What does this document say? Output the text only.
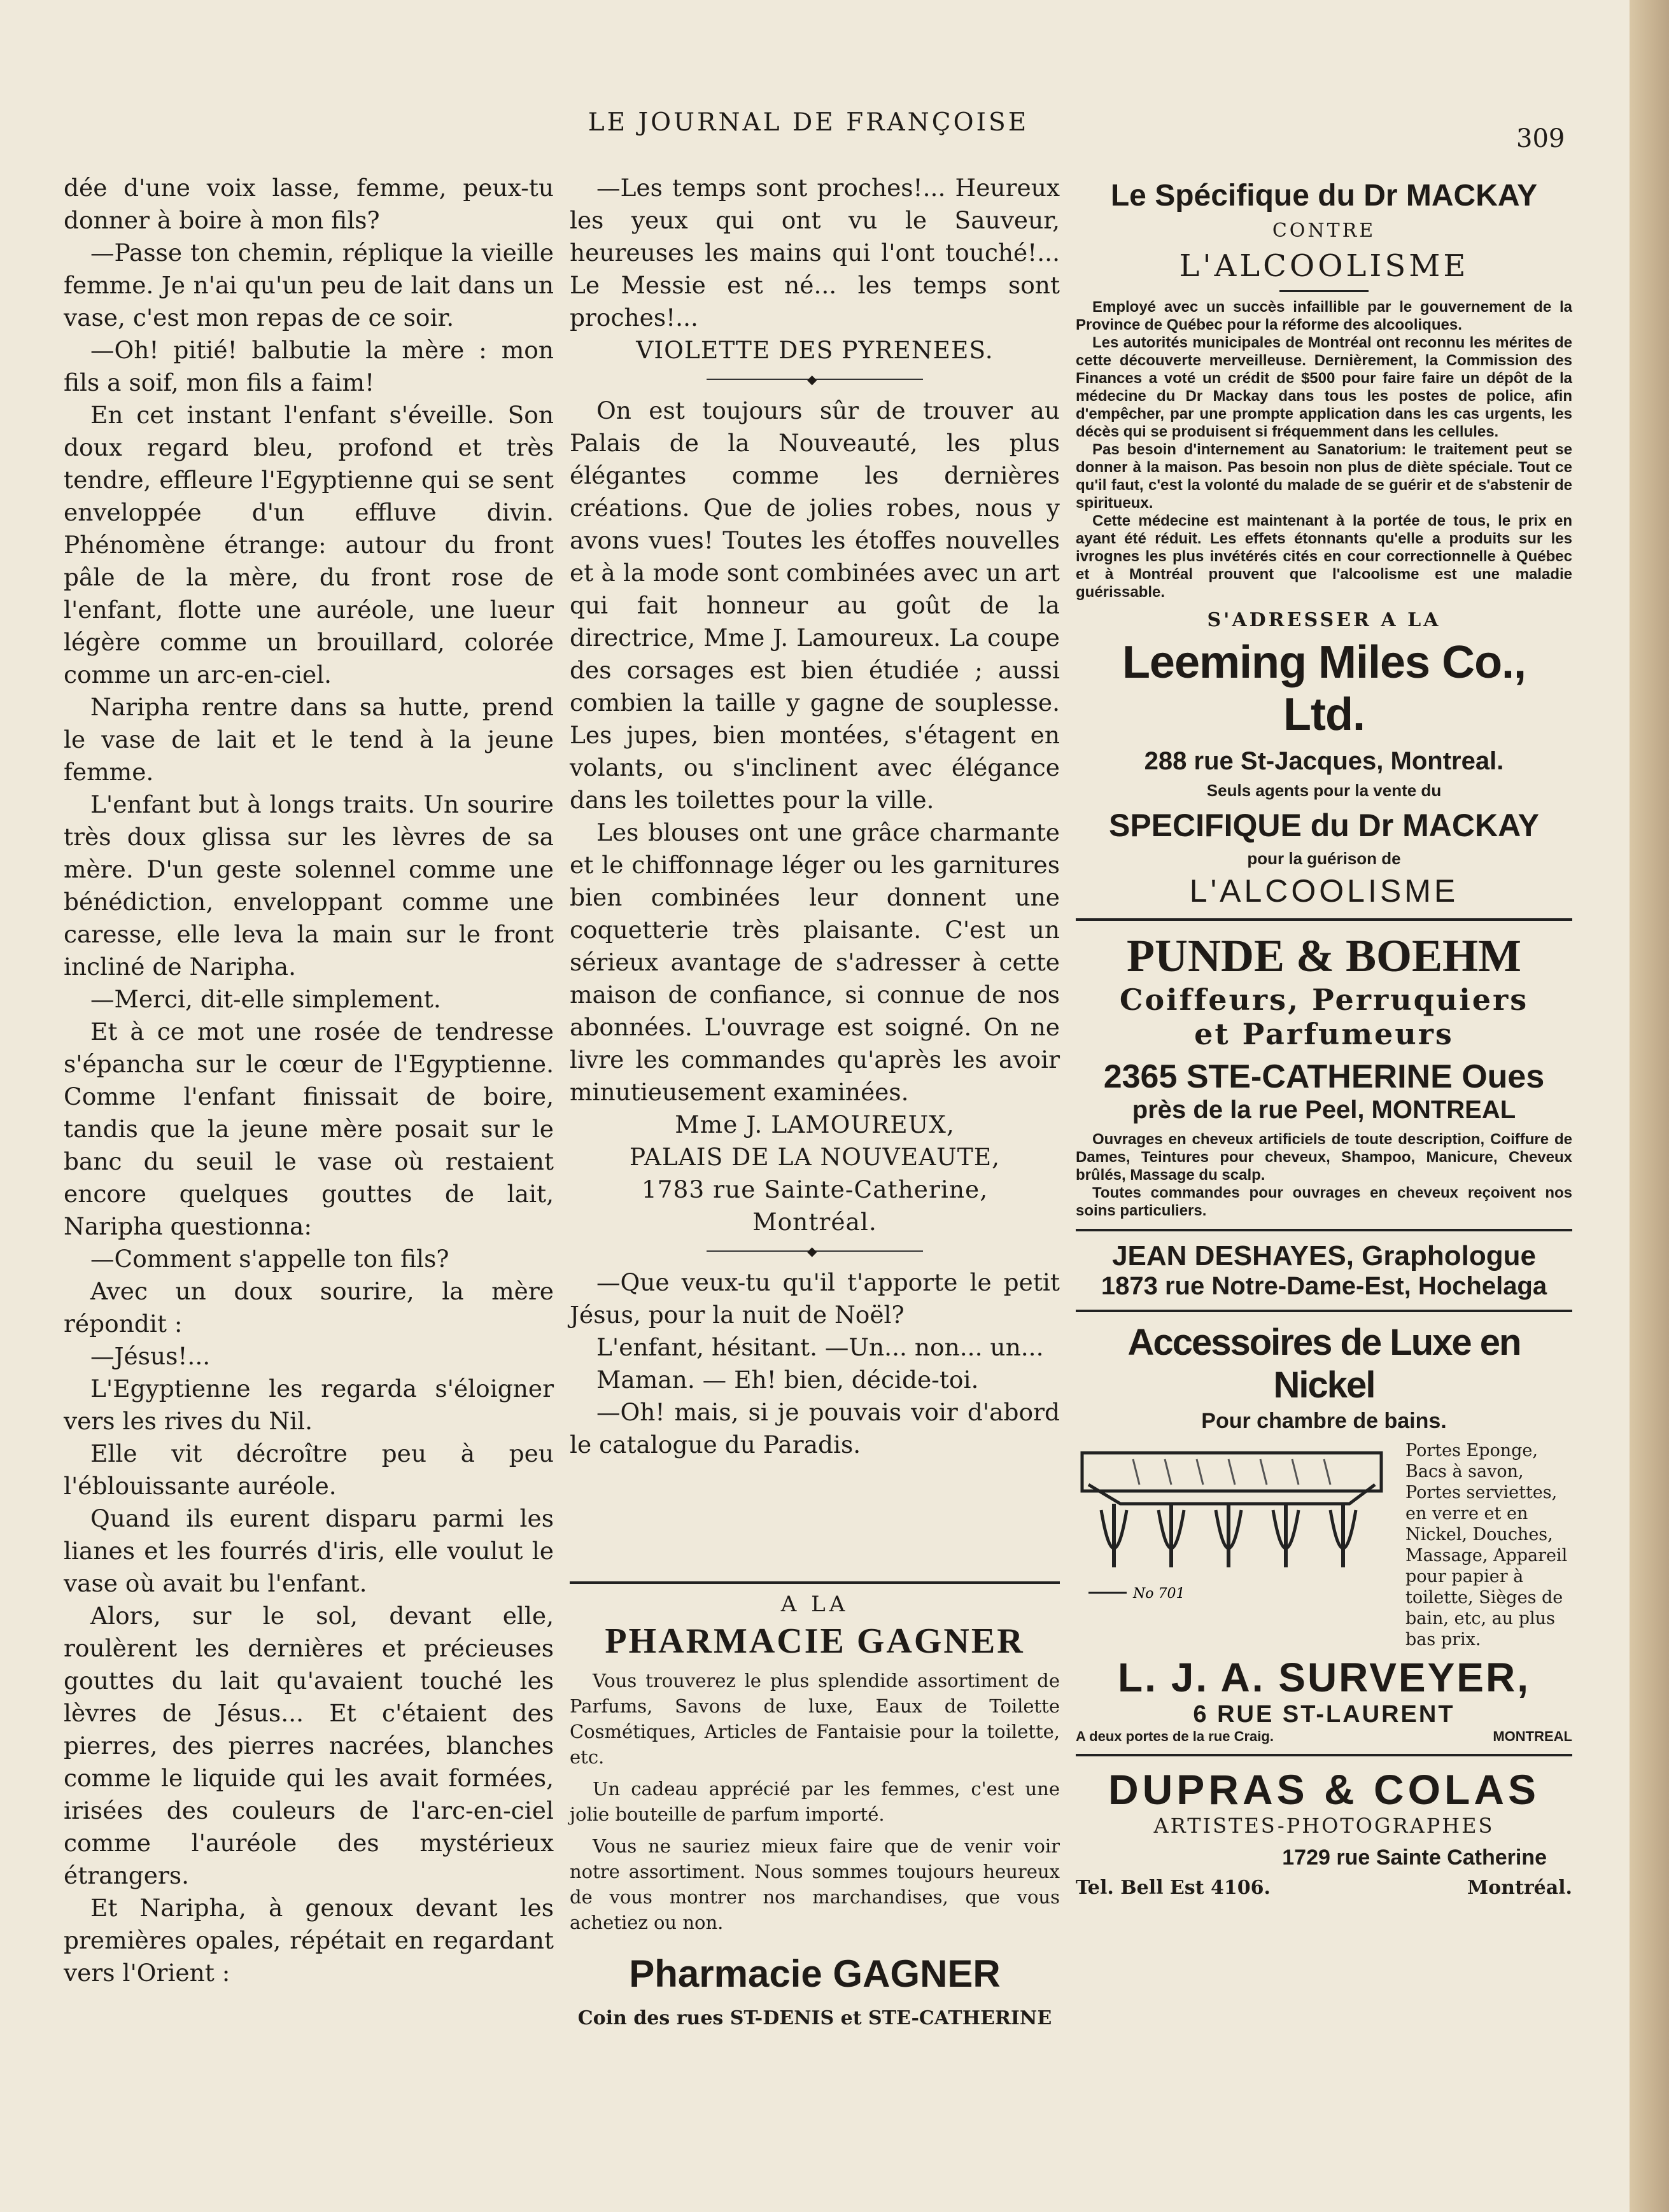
LE JOURNAL DE FRANÇOISE
309

dée d'une voix lasse, femme, peux-tu donner à boire à mon fils?

—Passe ton chemin, réplique la vieille femme. Je n'ai qu'un peu de lait dans un vase, c'est mon repas de ce soir.

—Oh! pitié! balbutie la mère : mon fils a soif, mon fils a faim!

En cet instant l'enfant s'éveille. Son doux regard bleu, profond et très tendre, effleure l'Egyptienne qui se sent enveloppée d'un effluve divin. Phénomène étrange: autour du front pâle de la mère, du front rose de l'enfant, flotte une auréole, une lueur légère comme un brouillard, colorée comme un arc-en-ciel.

Naripha rentre dans sa hutte, prend le vase de lait et le tend à la jeune femme.

L'enfant but à longs traits. Un sourire très doux glissa sur les lèvres de sa mère. D'un geste solennel comme une bénédiction, enveloppant comme une caresse, elle leva la main sur le front incliné de Naripha.

—Merci, dit-elle simplement.

Et à ce mot une rosée de tendresse s'épancha sur le cœur de l'Egyptienne. Comme l'enfant finissait de boire, tandis que la jeune mère posait sur le banc du seuil le vase où restaient encore quelques gouttes de lait, Naripha questionna:

—Comment s'appelle ton fils?

Avec un doux sourire, la mère répondit :

—Jésus!...

L'Egyptienne les regarda s'éloigner vers les rives du Nil.

Elle vit décroître peu à peu l'éblouissante auréole.

Quand ils eurent disparu parmi les lianes et les fourrés d'iris, elle voulut le vase où avait bu l'enfant.

Alors, sur le sol, devant elle, roulèrent les dernières et précieuses gouttes du lait qu'avaient touché les lèvres de Jésus... Et c'étaient des pierres, des pierres nacrées, blanches comme le liquide qui les avait formées, irisées des couleurs de l'arc-en-ciel comme l'auréole des mystérieux étrangers.

Et Naripha, à genoux devant les premières opales, répétait en regardant vers l'Orient :

—Les temps sont proches!... Heureux les yeux qui ont vu le Sauveur, heureuses les mains qui l'ont touché!... Le Messie est né... les temps sont proches!...

VIOLETTE DES PYRENEES.

◆

On est toujours sûr de trouver au Palais de la Nouveauté, les plus élégantes comme les dernières créations. Que de jolies robes, nous y avons vues! Toutes les étoffes nouvelles et à la mode sont combinées avec un art qui fait honneur au goût de la directrice, Mme J. Lamoureux. La coupe des corsages est bien étudiée ; aussi combien la taille y gagne de souplesse. Les jupes, bien montées, s'étagent en volants, ou s'inclinent avec élégance dans les toilettes pour la ville.

Les blouses ont une grâce charmante et le chiffonnage léger ou les garnitures bien combinées leur donnent une coquetterie très plaisante. C'est un sérieux avantage de s'adresser à cette maison de confiance, si connue de nos abonnées. L'ouvrage est soigné. On ne livre les commandes qu'après les avoir minutieusement examinées.

Mme J. LAMOUREUX,

PALAIS DE LA NOUVEAUTE,

1783 rue Sainte-Catherine,

Montréal.

◆

—Que veux-tu qu'il t'apporte le petit Jésus, pour la nuit de Noël?

L'enfant, hésitant. —Un... non... un...

Maman. — Eh! bien, décide-toi.

—Oh! mais, si je pouvais voir d'abord le catalogue du Paradis.

A LA
PHARMACIE GAGNER

Vous trouverez le plus splendide assortiment de Parfums, Savons de luxe, Eaux de Toilette Cosmétiques, Articles de Fantaisie pour la toilette, etc.

Un cadeau apprécié par les femmes, c'est une jolie bouteille de parfum importé.

Vous ne sauriez mieux faire que de venir voir notre assortiment. Nous sommes toujours heureux de vous montrer nos marchandises, que vous achetiez ou non.

Pharmacie GAGNER
Coin des rues ST-DENIS et STE-CATHERINE
Le Spécifique du Dr MACKAY
CONTRE
L'ALCOOLISME

Employé avec un succès infaillible par le gouvernement de la Province de Québec pour la réforme des alcooliques.

Les autorités municipales de Montréal ont reconnu les mérites de cette découverte merveilleuse. Dernièrement, la Commission des Finances a voté un crédit de $500 pour faire faire un dépôt de la médecine du Dr Mackay dans tous les postes de police, afin d'empêcher, par une prompte application dans les cas urgents, les décès qui se produisent si fréquemment dans les cellules.

Pas besoin d'internement au Sanatorium: le traitement peut se donner à la maison. Pas besoin non plus de diète spéciale. Tout ce qu'il faut, c'est la volonté du malade de se guérir et de s'abstenir de spiritueux.

Cette médecine est maintenant à la portée de tous, le prix en ayant été réduit. Les effets étonnants qu'elle a produits sur les ivrognes les plus invétérés cités en cour correctionnelle à Québec et à Montréal prouvent que l'alcoolisme est une maladie guérissable.

S'ADRESSER A LA
Leeming Miles Co., Ltd.
288 rue St-Jacques, Montreal.
Seuls agents pour la vente du
SPECIFIQUE du Dr MACKAY
pour la guérison de
L'ALCOOLISME
PUNDE & BOEHM
Coiffeurs, Perruquiers
et Parfumeurs
2365 STE-CATHERINE Oues
près de la rue Peel, MONTREAL

Ouvrages en cheveux artificiels de toute description, Coiffure de Dames, Teintures pour cheveux, Shampoo, Manicure, Cheveux brûlés, Massage du scalp.

Toutes commandes pour ouvrages en cheveux reçoivent nos soins particuliers.

JEAN DESHAYES, Graphologue
1873 rue Notre-Dame-Est, Hochelaga
Accessoires de Luxe en Nickel
Pour chambre de bains.
No 701
Portes Eponge, Bacs à savon, Portes serviettes, en verre et en Nickel, Douches, Massage, Appareil pour papier à toilette, Sièges de bain, etc, au plus bas prix.
L. J. A. SURVEYER,
6 RUE ST-LAURENT
A deux portes de la rue Craig.	MONTREAL
DUPRAS & COLAS
ARTISTES-PHOTOGRAPHES
1729 rue Sainte Catherine
Tel. Bell Est 4106.	Montréal.
